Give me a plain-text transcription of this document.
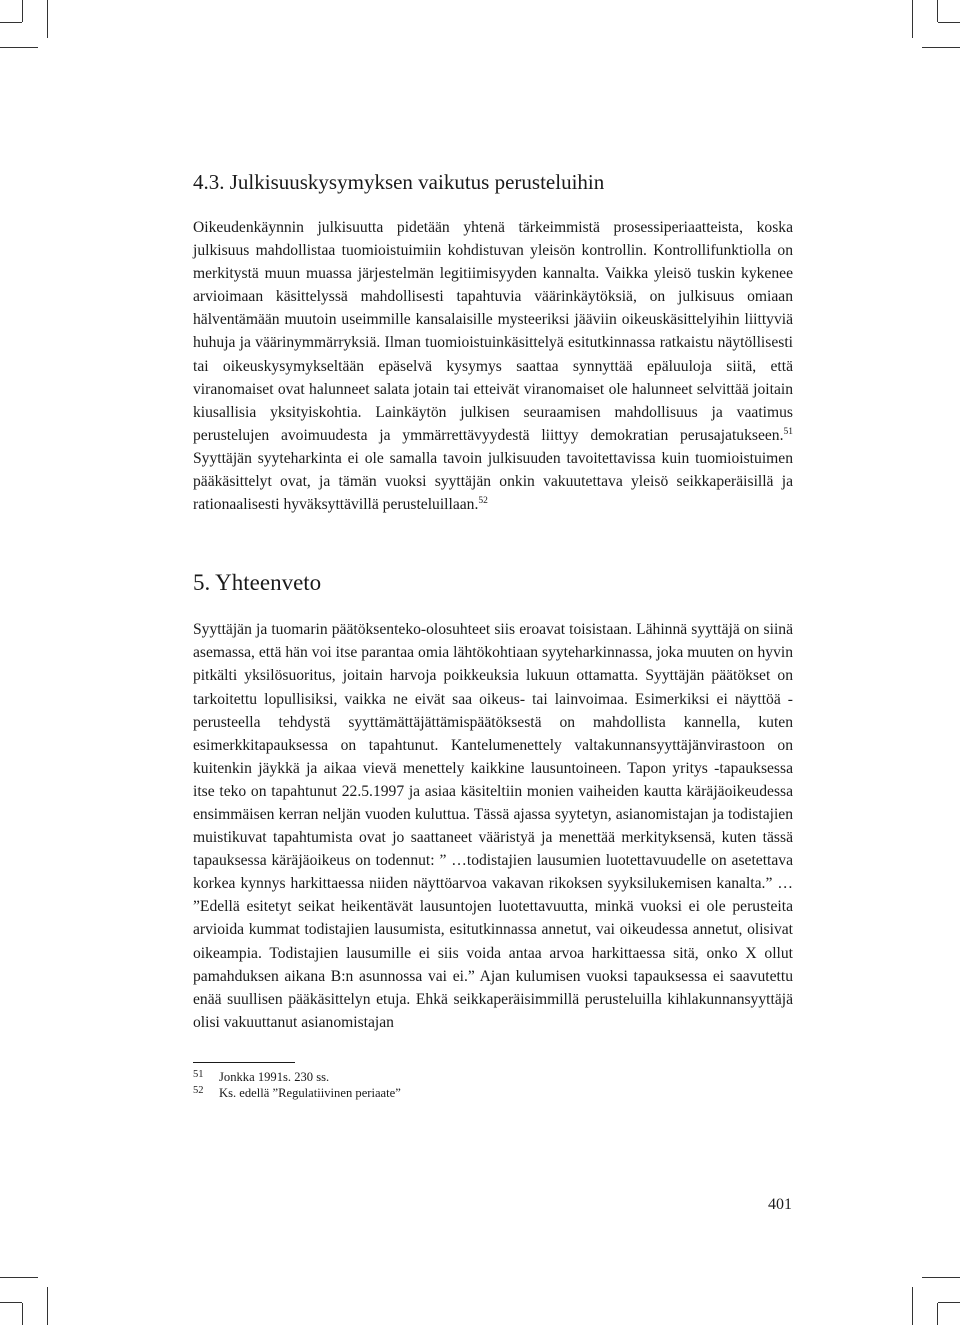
4.3. Julkisuuskysymyksen vaikutus perusteluihin

Oikeudenkäynnin julkisuutta pidetään yhtenä tärkeimmistä prosessiperiaatteista, koska julkisuus mahdollistaa tuomioistuimiin kohdistuvan yleisön kontrollin. Kontrollifunktiolla on merkitystä muun muassa järjestelmän legitiimisyyden kannalta. Vaikka yleisö tuskin kykenee arvioimaan käsittelyssä mahdollisesti tapahtuvia väärinkäytöksiä, on julkisuus omiaan hälventämään muutoin useimmille kansalaisille mysteeriksi jääviin oikeuskäsittelyihin liittyviä huhuja ja väärinymmärryksiä. Ilman tuomioistuinkäsittelyä esitutkinnassa ratkaistu näytöllisesti tai oikeuskysymykseltään epäselvä kysymys saattaa synnyttää epäluuloja siitä, että viranomaiset ovat halunneet salata jotain tai etteivät viranomaiset ole halunneet selvittää joitain kiusallisia yksityiskohtia. Lainkäytön julkisen seuraamisen mahdollisuus ja vaatimus perustelujen avoimuudesta ja ymmärrettävyydestä liittyy demokratian perusajatukseen.$^{51}$ Syyttäjän syyteharkinta ei ole samalla tavoin julkisuuden tavoitettavissa kuin tuomioistuimen pääkäsittelyt ovat, ja tämän vuoksi syyttäjän onkin vakuutettava yleisö seikkaperäisillä ja rationaalisesti hyväksyttävillä perusteluillaan.$^{52}$

5. Yhteenveto

Syyttäjän ja tuomarin päätöksenteko-olosuhteet siis eroavat toisistaan. Lähinnä syyttäjä on siinä asemassa, että hän voi itse parantaa omia lähtökohtiaan syyteharkinnassa, joka muuten on hyvin pitkälti yksilösuoritus, joitain harvoja poikkeuksia lukuun ottamatta. Syyttäjän päätökset on tarkoitettu lopullisiksi, vaikka ne eivät saa oikeus- tai lainvoimaa. Esimerkiksi ei näyttöä -perusteella tehdystä syyttämättäjättämispäätöksestä on mahdollista kannella, kuten esimerkkitapauksessa on tapahtunut. Kantelumenettely valtakunnansyyttäjänvirastoon on kuitenkin jäykkä ja aikaa vievä menettely kaikkine lausuntoineen. Tapon yritys -tapauksessa itse teko on tapahtunut 22.5.1997 ja asiaa käsiteltiin monien vaiheiden kautta käräjäoikeudessa ensimmäisen kerran neljän vuoden kuluttua. Tässä ajassa syytetyn, asianomistajan ja todistajien muistikuvat tapahtumista ovat jo saattaneet vääristyä ja menettää merkityksensä, kuten tässä tapauksessa käräjäoikeus on todennut: ” …todistajien lausumien luotettavuudelle on asetettava korkea kynnys harkittaessa niiden näyttöarvoa vakavan rikoksen syyksilukemisen kanalta.” … ”Edellä esitetyt seikat heikentävät lausuntojen luotettavuutta, minkä vuoksi ei ole perusteita arvioida kummat todistajien lausumista, esitutkinnassa annetut, vai oikeudessa annetut, olisivat oikeampia. Todistajien lausumille ei siis voida antaa arvoa harkittaessa sitä, onko X ollut pamahduksen aikana B:n asunnossa vai ei.” Ajan kulumisen vuoksi tapauksessa ei saavutettu enää suullisen pääkäsittelyn etuja. Ehkä seikkaperäisimmillä perusteluilla kihlakunnansyyttäjä olisi vakuuttanut asianomistajan

51	Jonkka 1991s. 230 ss.
52	Ks. edellä ”Regulatiivinen periaate”
401
